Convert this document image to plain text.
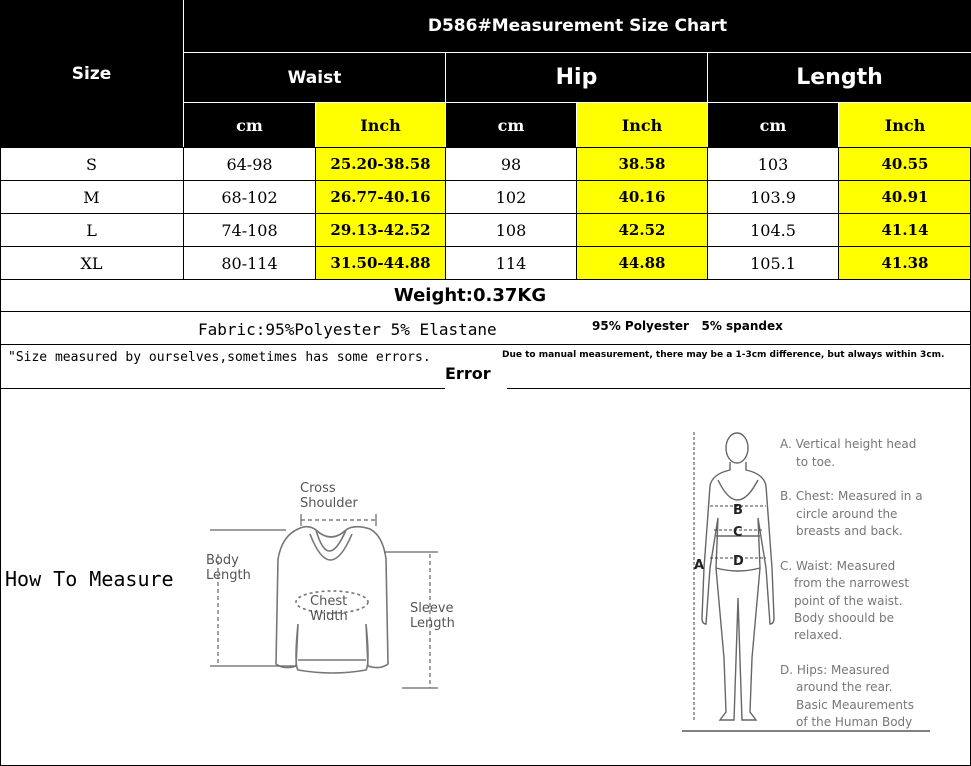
Size
D586#Measurement Size Chart
Waist	Hip	Length
cm	Inch	cm	Inch	cm	Inch
S	64-98	25.20-38.58	98	38.58	103	40.55
M	68-102	26.77-40.16	102	40.16	103.9	40.91
L	74-108	29.13-42.52	108	42.52	104.5	41.14
XL	80-114	31.50-44.88	114	44.88	105.1	41.38
Weight:0.37KG
Fabric:95%Polyester 5% Elastane	95% Polyester   5% spandex
"Size measured by ourselves,sometimes has some errors.	Due to manual measurement, there may be a 1-3cm difference, but always within 3cm.
Error
How To Measure
Cross
Shoulder
Body
Length
Chest
Width
Sleeve
Length
A
B
C
D
A. Vertical height head
to toe.
B. Chest: Measured in a
circle around the
breasts and back.
C. Waist: Measured
from the narrowest
point of the waist.
Body shoould be
relaxed.
D. Hips: Measured
around the rear.
Basic Meaurements
of the Human Body
